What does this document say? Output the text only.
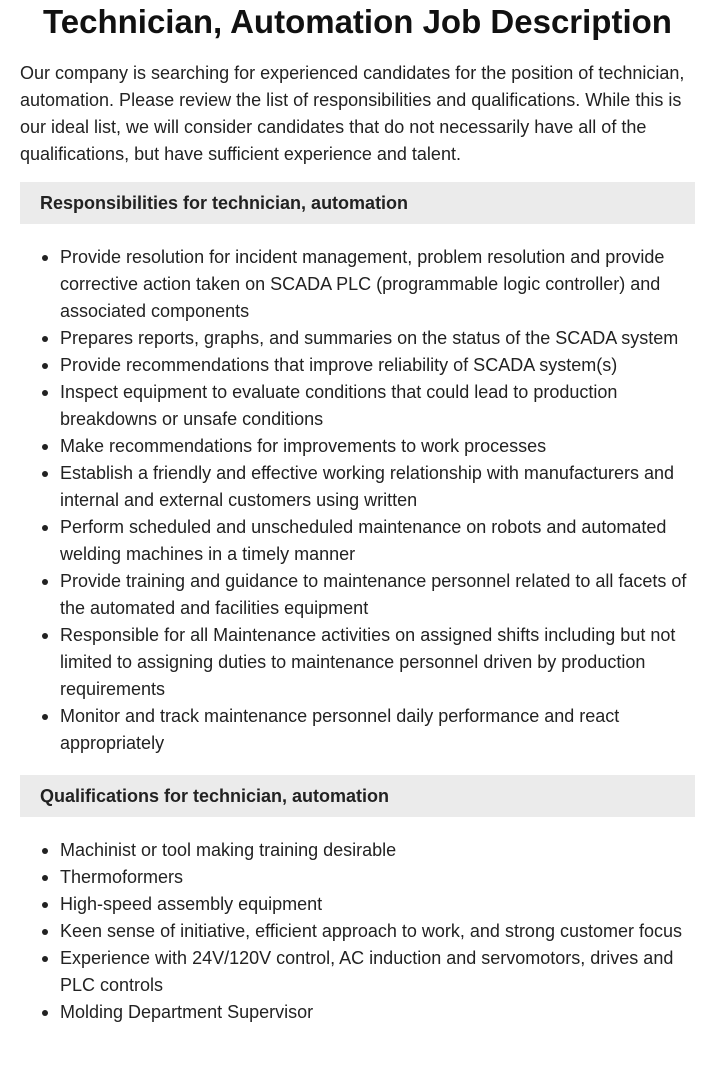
Technician, Automation Job Description

Our company is searching for experienced candidates for the position of technician, automation. Please review the list of responsibilities and qualifications. While this is our ideal list, we will consider candidates that do not necessarily have all of the qualifications, but have sufficient experience and talent.

Responsibilities for technician, automation
Provide resolution for incident management, problem resolution and provide corrective action taken on SCADA PLC (programmable logic controller) and associated components
Prepares reports, graphs, and summaries on the status of the SCADA system
Provide recommendations that improve reliability of SCADA system(s)
Inspect equipment to evaluate conditions that could lead to production breakdowns or unsafe conditions
Make recommendations for improvements to work processes
Establish a friendly and effective working relationship with manufacturers and internal and external customers using written
Perform scheduled and unscheduled maintenance on robots and automated welding machines in a timely manner
Provide training and guidance to maintenance personnel related to all facets of the automated and facilities equipment
Responsible for all Maintenance activities on assigned shifts including but not limited to assigning duties to maintenance personnel driven by production requirements
Monitor and track maintenance personnel daily performance and react appropriately
Qualifications for technician, automation
Machinist or tool making training desirable
Thermoformers
High-speed assembly equipment
Keen sense of initiative, efficient approach to work, and strong customer focus
Experience with 24V/120V control, AC induction and servomotors, drives and PLC controls
Molding Department Supervisor
